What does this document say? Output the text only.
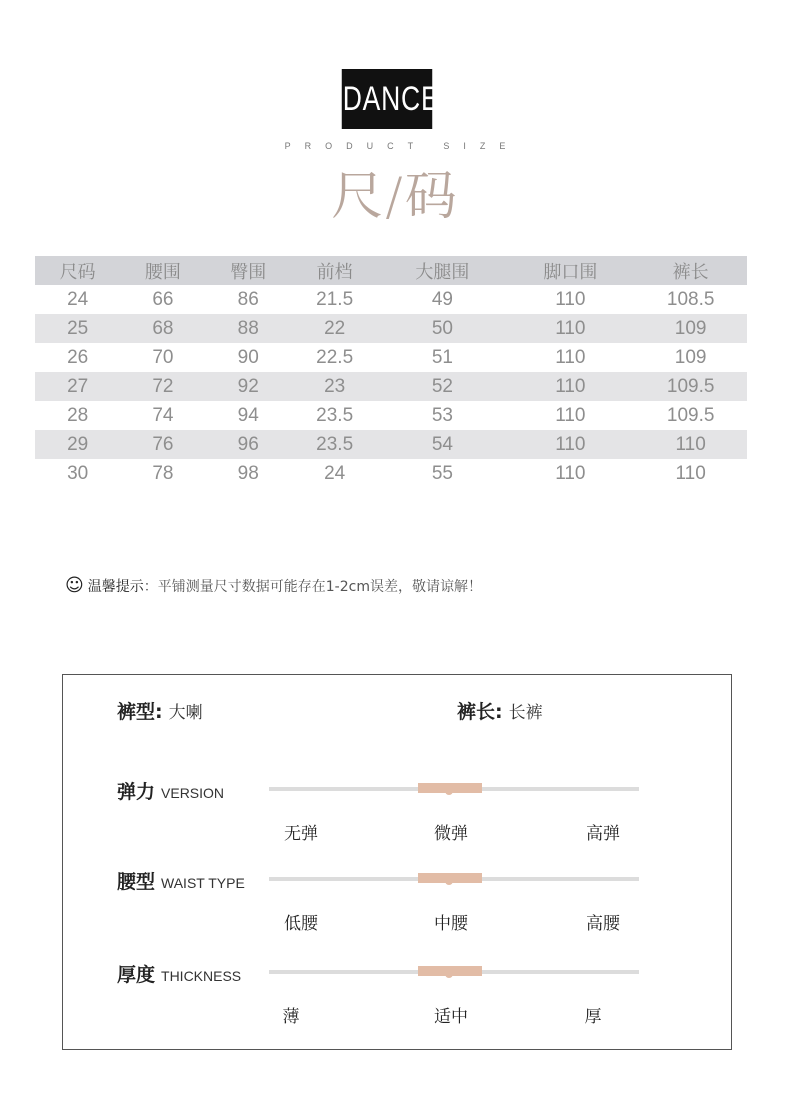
IDANCE
PRODUCT SIZE
尺/码
尺码	腰围	臀围	前档	大腿围	脚口围	裤长
24	66	86	21.5	49	110	108.5
25	68	88	22	50	110	109
26	70	90	22.5	51	110	109
27	72	92	23	52	110	109.5
28	74	94	23.5	53	110	109.5
29	76	96	23.5	54	110	110
30	78	98	24	55	110	110
☺ 温馨提示 ：平铺测量尺寸数据可能存在1-2cm误差，敬请谅解！
裤型: 大喇	裤长: 长裤
弹力 VERSION
无弹	微弹	高弹
腰型 WAIST TYPE
低腰	中腰	高腰
厚度 THICKNESS
薄	适中	厚
